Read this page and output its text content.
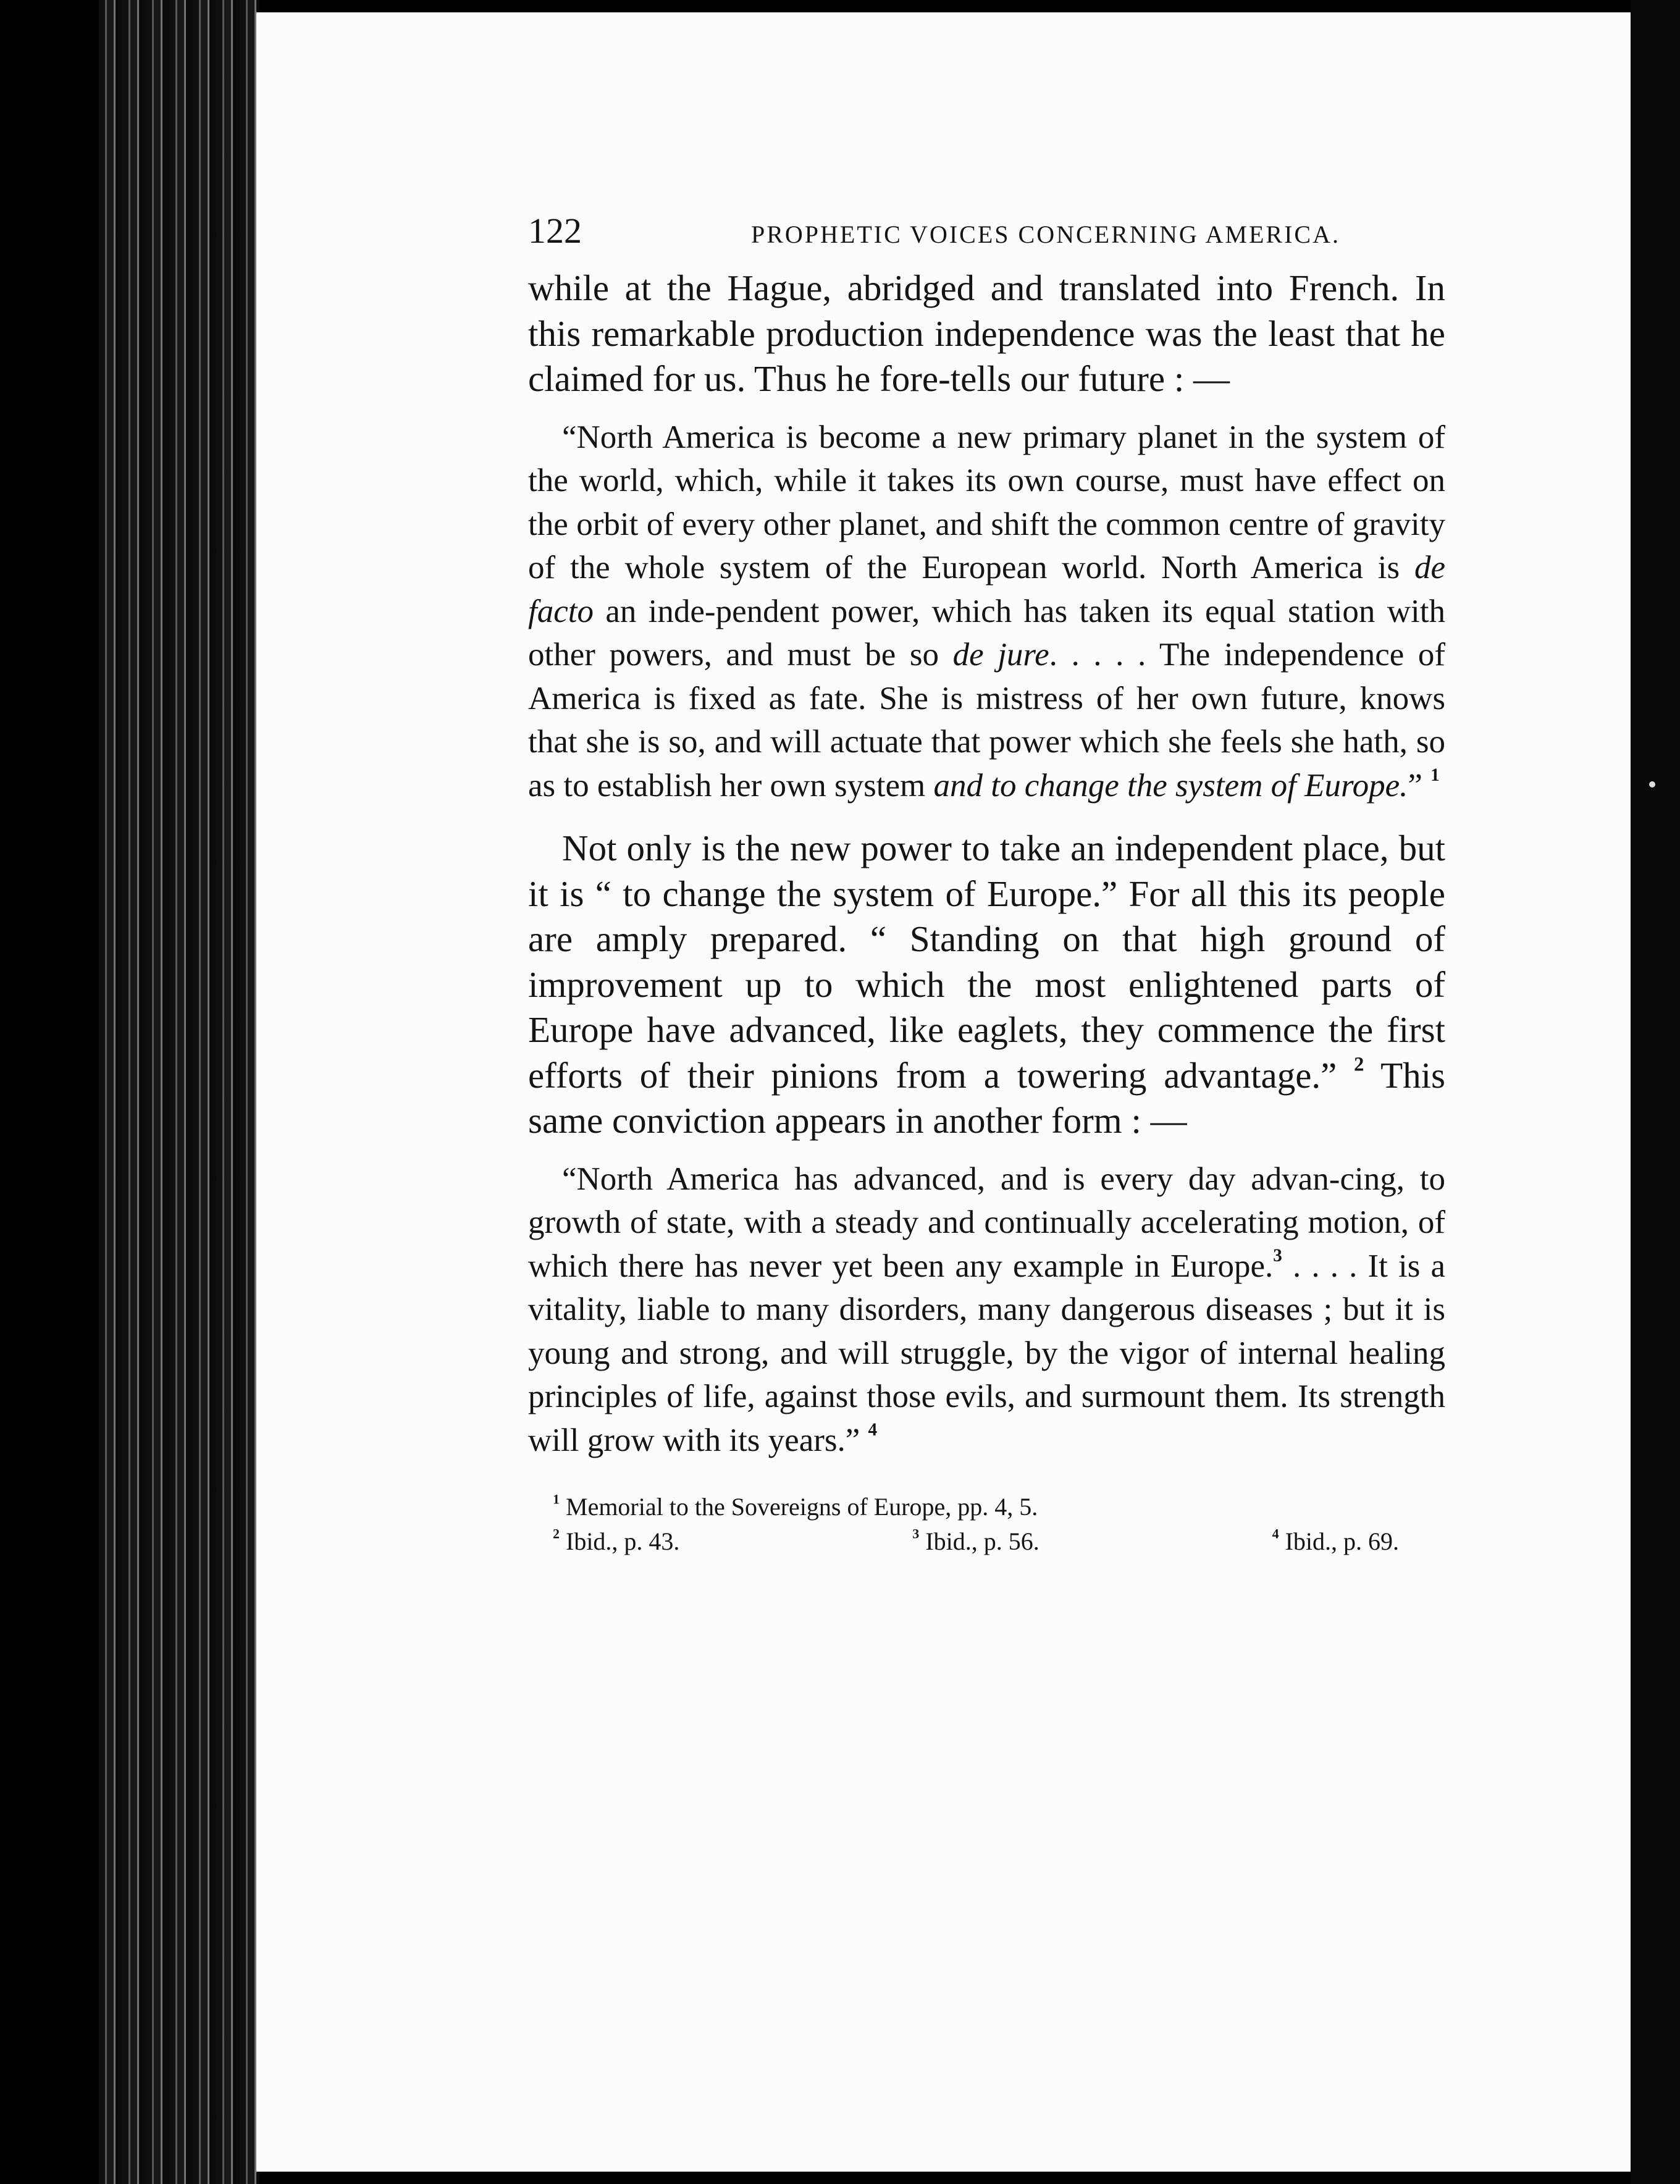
122	PROPHETIC VOICES CONCERNING AMERICA.

while at the Hague, abridged and translated into French. In this remarkable production independence was the least that he claimed for us. Thus he fore-tells our future : —

“North America is become a new primary planet in the system of the world, which, while it takes its own course, must have effect on the orbit of every other planet, and shift the common centre of gravity of the whole system of the European world. North America is de facto an inde-pendent power, which has taken its equal station with other powers, and must be so de jure. . . . . The independence of America is fixed as fate. She is mistress of her own future, knows that she is so, and will actuate that power which she feels she hath, so as to establish her own system and to change the system of Europe.” $^1$

Not only is the new power to take an independent place, but it is “ to change the system of Europe.” For all this its people are amply prepared. “ Standing on that high ground of improvement up to which the most enlightened parts of Europe have advanced, like eaglets, they commence the first efforts of their pinions from a towering advantage.” $^2$ This same conviction appears in another form : —

“North America has advanced, and is every day advan-cing, to growth of state, with a steady and continually accelerating motion, of which there has never yet been any example in Europe.$^3$ . . . . It is a vitality, liable to many disorders, many dangerous diseases ; but it is young and strong, and will struggle, by the vigor of internal healing principles of life, against those evils, and surmount them. Its strength will grow with its years.” $^4$

$^1$ Memorial to the Sovereigns of Europe, pp. 4, 5.
$^2$ Ibid., p. 43.	$^3$ Ibid., p. 56.	$^4$ Ibid., p. 69.
